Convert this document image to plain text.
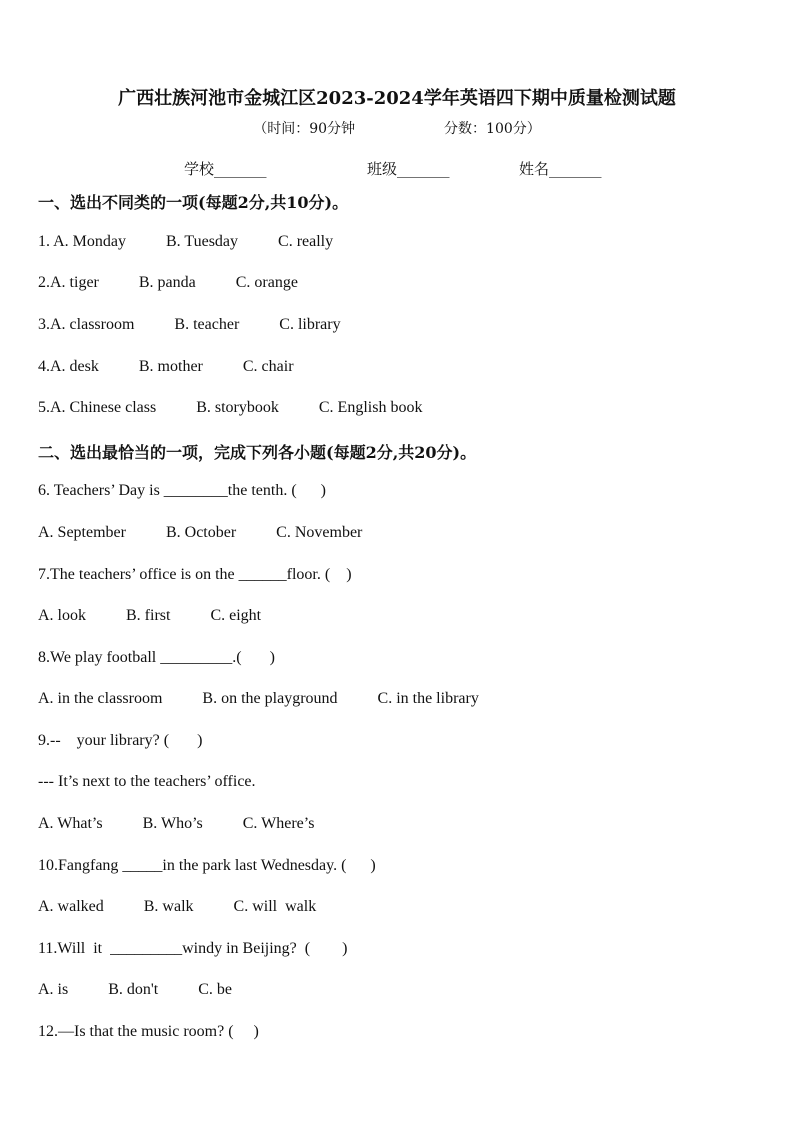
广西壮族河池市金城江区2023-2024学年英语四下期中质量检测试题
（时间：90分钟                    分数：100分）
学校_______	班级_______	姓名_______
一、选出不同类的一项(每题2分,共10分)。
1. A. Monday          B. Tuesday          C. really
2.A. tiger          B. panda          C. orange
3.A. classroom          B. teacher          C. library
4.A. desk          B. mother          C. chair
5.A. Chinese class          B. storybook          C. English book
二、选出最恰当的一项，完成下列各小题(每题2分,共20分)。
6. Teachers’ Day is ________the tenth. (      )
A. September          B. October          C. November
7.The teachers’ office is on the ______floor. (    )
A. look          B. first          C. eight
8.We play football _________.(       )
A. in the classroom          B. on the playground          C. in the library
9.--    your library? (       )
--- It’s next to the teachers’ office.
A. What’s          B. Who’s          C. Where’s
10.Fangfang _____in the park last Wednesday. (      )
A. walked          B. walk          C. will  walk
11.Will  it  _________windy in Beijing?  (        )
A. is          B. don't          C. be
12.—Is that the music room? (     )
